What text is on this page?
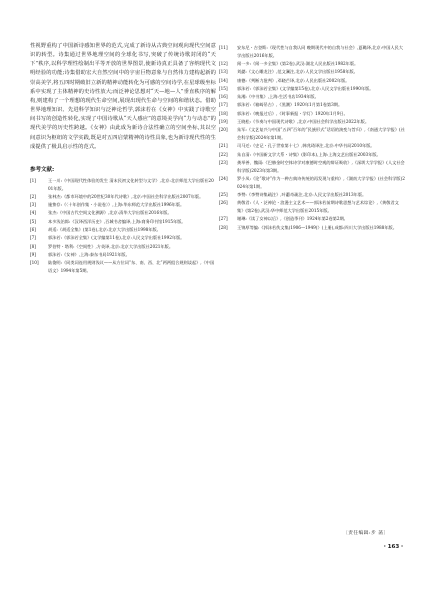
性视野重构了中国新诗感知世界的范式,完成了新诗从古典空间观向现代空间意识的转型。诗集通过世界地理空间的全球化书写,突破了传统诗歌封闭的“天下”秩序,以科学理性绘制出平等开放的世界图景,使新诗真正具备了容纳现代文明经验的功能;诗集借助宏大自然空间中的宇宙巨物意象与自然伟力建构起新的崇高美学,将五四时期破旧立新的精神动能转化为可感的空间诗学,在星球级坐标系中实现了主体精神的史诗性放大;而泛神论思想对“天—地—人”垂直秩序的解构,则建构了一个理想的现代生命空间,展现出现代生命与空间的和谐状态。借助世界地理知识、先进科学知识与泛神论哲学,郭沫若在《女神》中实践了诗歌空间书写的创造性转化,实现了中国诗歌从“天人感应”的意境美学向“力与动态”的现代美学的历史性跨越。《女神》由此成为新诗合法性确立的空间坐标,其以空间意识为枢纽的文学实践,既是对五四启蒙精神的诗性具象,也为新诗现代性的生成提供了极具启示性的范式。

参考文献:
[1]	王一川:《中国现代性体验的发生 清末民初文化转型与文学》,北京:北京师范大学出版社2001年版。
[2]	张林杰:《都市环境中的20世纪30年代诗歌》,北京:中国社会科学出版社2007年版。
[3]	施蛰存:《〈十年创作集・小说卷〉》,上海:华东师范大学出版社1996年版。
[4]	张杰:《中国古代空间文化溯源》,北京:清华大学出版社2016年版。
[5]	本多浅治郎:《汉译西洋历史》,百城书舍编译,上海:商务印书馆1915年版。
[6]	胡适:《胡适全集》(第1卷),北京:北京大学出版社1998年版。
[7]	郭沫若:《郭沫若全集》(文学编第11卷),北京:人民文学出版社1992年版。
[8]	罗伯特・塔利:《空间性》,方英译,北京:北京大学出版社2021年版。
[9]	郭沫若:《女神》,上海:泰东书局1921年版。
[10]	陆俊明:《同类词连用规则浅议——从方位词“东、南、西、北”两两组合规则谈起》,《中国语文》1994年第5期。
[11]	安东尼・吉登斯:《现代性与自我认同 晚期现代中的自我与社会》,夏璐译,北京:中国人民大学出版社2016年版。
[12]	闻一多:《闻一多全集》(第2卷),武汉:湖北人民出版社1982年版。
[13]	刘勰:《文心雕龙注》,范文澜注,北京:人民文学出版社1958年版。
[14]	康德:《判断力批判》,邓晓芒译,北京:人民出版社2002年版。
[15]	郭沫若:《郭沫若全集》(文学编第15卷),北京:人民文学出版社1990年版。
[16]	朱湘:《中书集》,上海:生活书店1934年版。
[17]	郭沫若:《箱崎吊古》,《黑潮》1920年1月第1卷第3期。
[18]	郭沫若:《晚报过后》,《时事新报・学灯》1920年1月9日。
[19]	王晓松:《节奏与中国现代诗歌》,北京:中国社会科学出版社2022年版。
[20]	朱军:《文艺复兴与中国“五四”百年的“民族形式”话语的演变与旨归》,《南通大学学报》(社会科学版)2024年第1期。
[21]	司马迁:《史记・孔子世家第十七》,韩兆琦译注,北京:中华书局2010年版。
[22]	朱自清:《中国新文学大系・诗集》(影印本),上海:上海文艺出版社2003年版。
[23]	龚举善、魏雨:《巴赫金时空体诗学对康德时空观的辩证吸收》,《深圳大学学报》(人文社会科学版)2023年第3期。
[24]	罗小凤:《论“歌诗”作为一种古典诗传统的再发现与重构》,《湖南大学学报》(社会科学版)2024年第1期。
[25]	李赞:《李赞诗集疏注》,叶蕙奇疏注,北京:人民文学出版社2013年版。
[26]	黄敬君:《人・泛神论・浪漫主义艺术——郭沫若前期诗歌思想与艺术综论》,《黄敬君文集》(第2卷),武汉:华中师范大学出版社2015年版。
[27]	谢琳:《读了女神以后》,《创造季刊》1924年第2卷第2期。
[28]	王锦厚等编:《郭沫若佚文集(1906—1949)》(上册),成都:四川大学出版社1988年版。
〔责任编辑:步 菡〕
・163・
